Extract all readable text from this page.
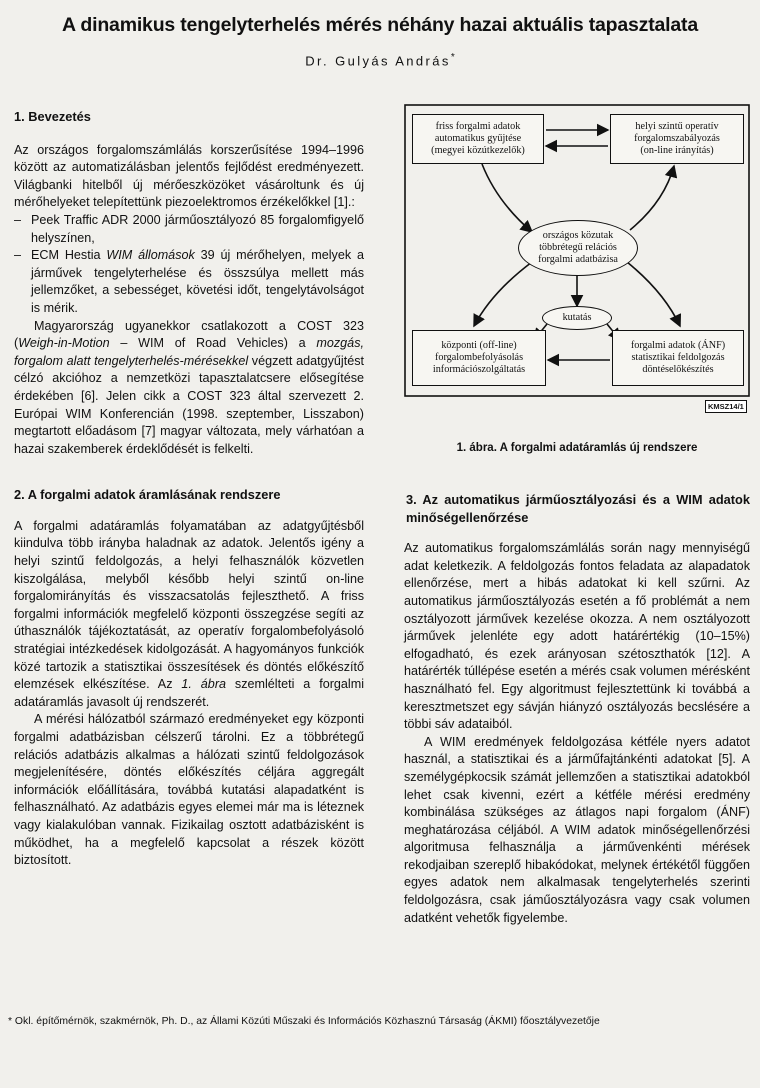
A dinamikus tengelyterhelés mérés néhány hazai aktuális tapasztalata
Dr. Gulyás András*

1. Bevezetés

Az országos forgalomszámlálás korszerűsítése 1994–1996 között az automatizálásban jelentős fejlődést eredményezett. Világbanki hitelből új mérőeszközöket vásároltunk és új mérőhelyeket telepítettünk piezoelektromos érzékelőkkel [1].:

– Peek Traffic ADR 2000 járműosztályozó 85 forgalomfigyelő helyszínen,
– ECM Hestia WIM állomások 39 új mérőhelyen, melyek a járművek tengelyterhelése és összsúlya mellett más jellemzőket, a sebességet, követési időt, tengelytávolságot is mérik.

Magyarország ugyanekkor csatlakozott a COST 323 (Weigh-in-Motion – WIM of Road Vehicles) a mozgás, forgalom alatt tengelyterhelés-mérésekkel végzett adatgyűjtést célzó akcióhoz a nemzetközi tapasztalatcsere elősegítése érdekében [6]. Jelen cikk a COST 323 által szervezett 2. Európai WIM Konferencián (1998. szeptember, Lisszabon) megtartott előadásom [7] magyar változata, mely várhatóan a hazai szakemberek érdeklődését is felkelti.

2. A forgalmi adatok áramlásának rendszere

A forgalmi adatáramlás folyamatában az adatgyűjtésből kiindulva több irányba haladnak az adatok. Jelentős igény a helyi szintű feldolgozás, a helyi felhasználók közvetlen kiszolgálása, melyből később helyi szintű on-line forgalomirányítás és visszacsatolás fejleszthető. A friss forgalmi információk megfelelő központi összegzése segíti az úthasználók tájékoztatását, az operatív forgalombefolyásoló stratégiai intézkedések kidolgozását. A hagyományos funkciók közé tartozik a statisztikai összesítések és döntés előkészítő elemzések elkészítése. Az 1. ábra szemlélteti a forgalmi adatáramlás javasolt új rendszerét.

A mérési hálózatból származó eredményeket egy központi forgalmi adatbázisban célszerű tárolni. Ez a többrétegű relációs adatbázis alkalmas a hálózati szintű feldolgozások megjelenítésére, döntés előkészítés céljára aggregált információk előállítására, továbbá kutatási alapadatként is felhasználható. Az adatbázis egyes elemei már ma is léteznek vagy kialakulóban vannak. Fizikailag osztott adatbázisként is működhet, ha a megfelelő kapcsolat a részek között biztosított.

friss forgalmi adatok
automatikus gyűjtése
(megyei közútkezelők)
helyi szintű operatív
forgalomszabályozás
(on-line irányítás)
országos közutak
többrétegű relációs
forgalmi adatbázisa
kutatás
központi (off-line)
forgalombefolyásolás
információszolgáltatás
forgalmi adatok (ÁNF)
statisztikai feldolgozás
döntéselőkészítés
KMSZ14/1
1. ábra. A forgalmi adatáramlás új rendszere

3. Az automatikus járműosztályozási és a WIM adatok minőségellenőrzése

Az automatikus forgalomszámlálás során nagy mennyiségű adat keletkezik. A feldolgozás fontos feladata az alapadatok ellenőrzése, mert a hibás adatokat ki kell szűrni. Az automatikus járműosztályozás esetén a fő problémát a nem osztályozott járművek kezelése okozza. A nem osztályozott járművek jelenléte egy adott határértékig (10–15%) elfogadható, és ezek arányosan szétoszthatók [12]. A határérték túllépése esetén a mérés csak volumen mérésként használható fel. Egy algoritmust fejlesztettünk ki továbbá a keresztmetszet egy sávján hiányzó osztályozás becslésére a többi sáv adataiból.

A WIM eredmények feldolgozása kétféle nyers adatot használ, a statisztikai és a járműfajtánkénti adatokat [5]. A személygépkocsik számát jellemzően a statisztikai adatokból lehet csak kivenni, ezért a kétféle mérési eredmény kombinálása szükséges az átlagos napi forgalom (ÁNF) meghatározása céljából. A WIM adatok minőségellenőrzési algoritmusa felhasználja a járművenkénti mérések rekodjaiban szereplő hibakódokat, melynek értékétől függően egyes adatok nem alkalmasak tengelyterhelés szerinti feldolgozásra, csak jáműosztályozásra vagy csak volumen adatként vehetők figyelembe.

* Okl. építőmérnök, szakmérnök, Ph. D., az Állami Közúti Műszaki és Információs Közhasznú Társaság (ÁKMI) főosztályvezetője
